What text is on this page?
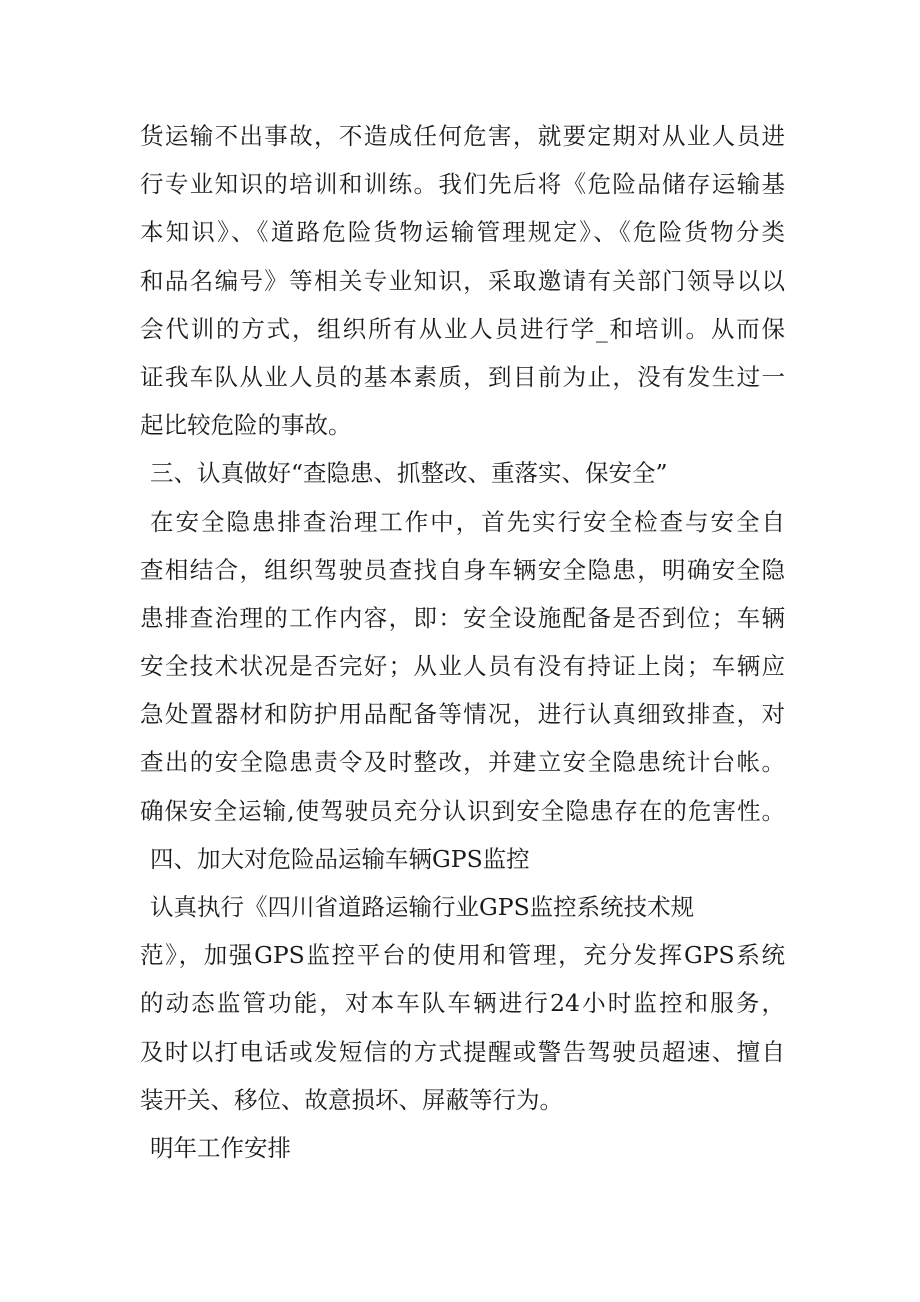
货运输不出事故，不造成任何危害，就要定期对从业人员进
行专业知识的培训和训练。我们先后将《危险品储存运输基
本知识》、《道路危险货物运输管理规定》、《危险货物分类
和品名编号》等相关专业知识，采取邀请有关部门领导以以
会代训的方式，组织所有从业人员进行学_和培训。从而保
证我车队从业人员的基本素质，到目前为止，没有发生过一
起比较危险的事故。
三、认真做好“查隐患、抓整改、重落实、保安全”
在安全隐患排查治理工作中，首先实行安全检查与安全自
查相结合，组织驾驶员查找自身车辆安全隐患，明确安全隐
患排查治理的工作内容，即：安全设施配备是否到位；车辆
安全技术状况是否完好；从业人员有没有持证上岗；车辆应
急处置器材和防护用品配备等情况，进行认真细致排查，对
查出的安全隐患责令及时整改，并建立安全隐患统计台帐。
确保安全运输,使驾驶员充分认识到安全隐患存在的危害性。
四、加大对危险品运输车辆GPS监控
认真执行《四川省道路运输行业GPS监控系统技术规
范》，加强GPS监控平台的使用和管理，充分发挥GPS系统
的动态监管功能，对本车队车辆进行24小时监控和服务，
及时以打电话或发短信的方式提醒或警告驾驶员超速、擅自
装开关、移位、故意损坏、屏蔽等行为。
明年工作安排
